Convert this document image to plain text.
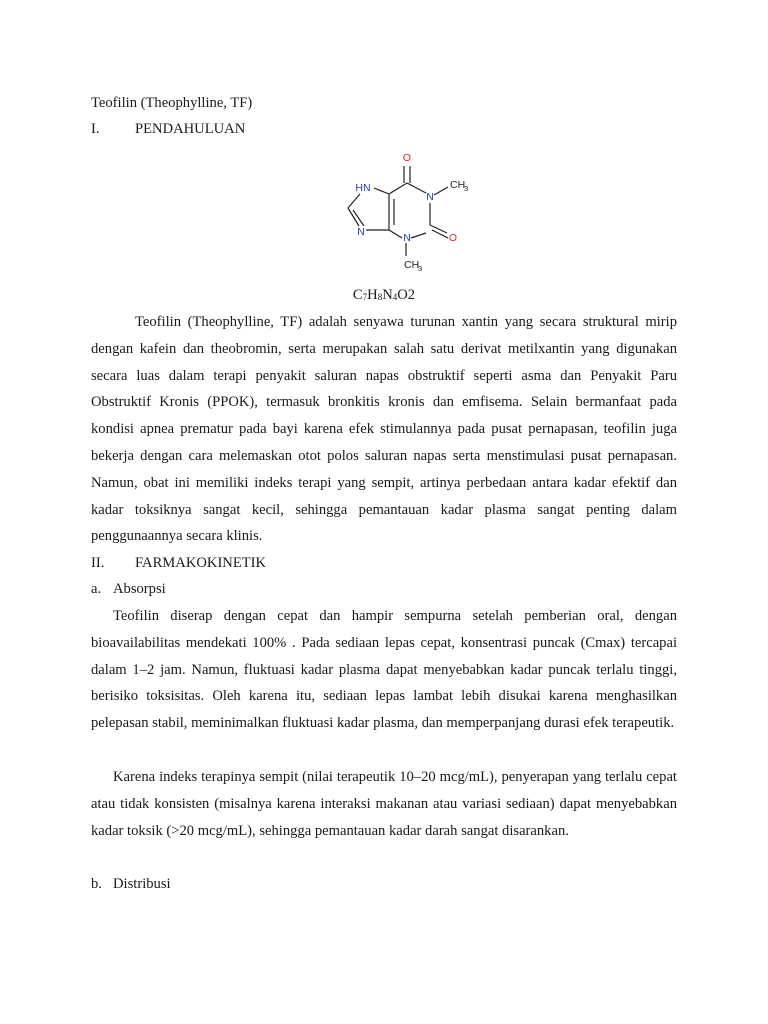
Teofilin (Theophylline, TF)
I. PENDAHULUAN
O
N
CH
3
HN
N	N	O
CH
3
$C_7H_8N_4O2$

Teofilin (Theophylline, TF) adalah senyawa turunan xantin yang secara struktural mirip dengan kafein dan theobromin, serta merupakan salah satu derivat metilxantin yang digunakan secara luas dalam terapi penyakit saluran napas obstruktif seperti asma dan Penyakit Paru Obstruktif Kronis (PPOK), termasuk bronkitis kronis dan emfisema. Selain bermanfaat pada kondisi apnea prematur pada bayi karena efek stimulannya pada pusat pernapasan, teofilin juga bekerja dengan cara melemaskan otot polos saluran napas serta menstimulasi pusat pernapasan. Namun, obat ini memiliki indeks terapi yang sempit, artinya perbedaan antara kadar efektif dan kadar toksiknya sangat kecil, sehingga pemantauan kadar plasma sangat penting dalam penggunaannya secara klinis.

II. FARMAKOKINETIK
a. Absorpsi

Teofilin diserap dengan cepat dan hampir sempurna setelah pemberian oral, dengan bioavailabilitas mendekati 100% . Pada sediaan lepas cepat, konsentrasi puncak (Cmax) tercapai dalam 1–2 jam. Namun, fluktuasi kadar plasma dapat menyebabkan kadar puncak terlalu tinggi, berisiko toksisitas. Oleh karena itu, sediaan lepas lambat lebih disukai karena menghasilkan pelepasan stabil, meminimalkan fluktuasi kadar plasma, dan memperpanjang durasi efek terapeutik.

Karena indeks terapinya sempit (nilai terapeutik 10–20 mcg/mL), penyerapan yang terlalu cepat atau tidak konsisten (misalnya karena interaksi makanan atau variasi sediaan) dapat menyebabkan kadar toksik (>20 mcg/mL), sehingga pemantauan kadar darah sangat disarankan.

b. Distribusi
